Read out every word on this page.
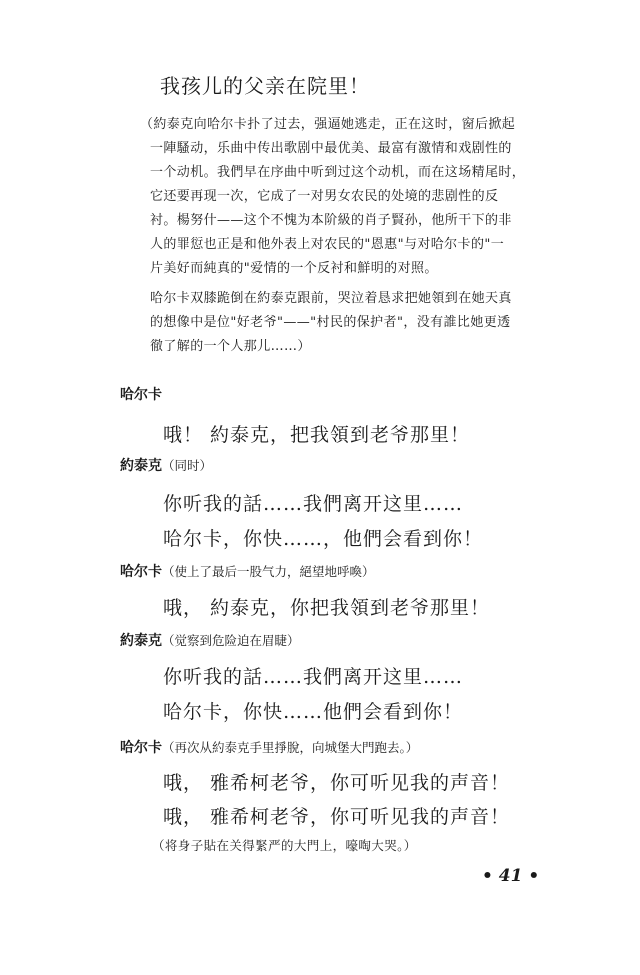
我孩儿的父亲在院里！
（約泰克向哈尔卡扑了过去，强逼她逃走，正在这时，窗后掀起
一陣騷动，乐曲中传出歌剧中最优美、最富有激情和戏剧性的
一个动机。我們早在序曲中听到过这个动机，而在这场精尾时，
它还要再现一次，它成了一对男女农民的处境的悲剧性的反
衬。楊努什——这个不愧为本阶級的肖子賢孙，他所干下的非
人的罪愆也正是和他外表上对农民的"恩惠"与对哈尔卡的"一
片美好而純真的"爱情的一个反衬和鮮明的对照。
哈尔卡双膝跪倒在約泰克跟前，哭泣着恳求把她領到在她天真
的想像中是位"好老爷"——"村民的保护者"，没有誰比她更透
徹了解的一个人那儿……）
哈尔卡
哦！ 約泰克，把我領到老爷那里！
約泰克（同时）
你听我的話……我們离开这里……
哈尔卡，你快……，他們会看到你！
哈尔卡（使上了最后一股气力，絕望地呼喚）
哦， 約泰克，你把我領到老爷那里！
約泰克（觉察到危险迫在眉睫）
你听我的話……我們离开这里……
哈尔卡，你快……他們会看到你！
哈尔卡（再次从約泰克手里掙脫，向城堡大門跑去。）
哦， 雅希柯老爷，你可听见我的声音！
哦， 雅希柯老爷，你可听见我的声音！
（将身子貼在关得緊严的大門上，嚎啕大哭。）
• 41 •
